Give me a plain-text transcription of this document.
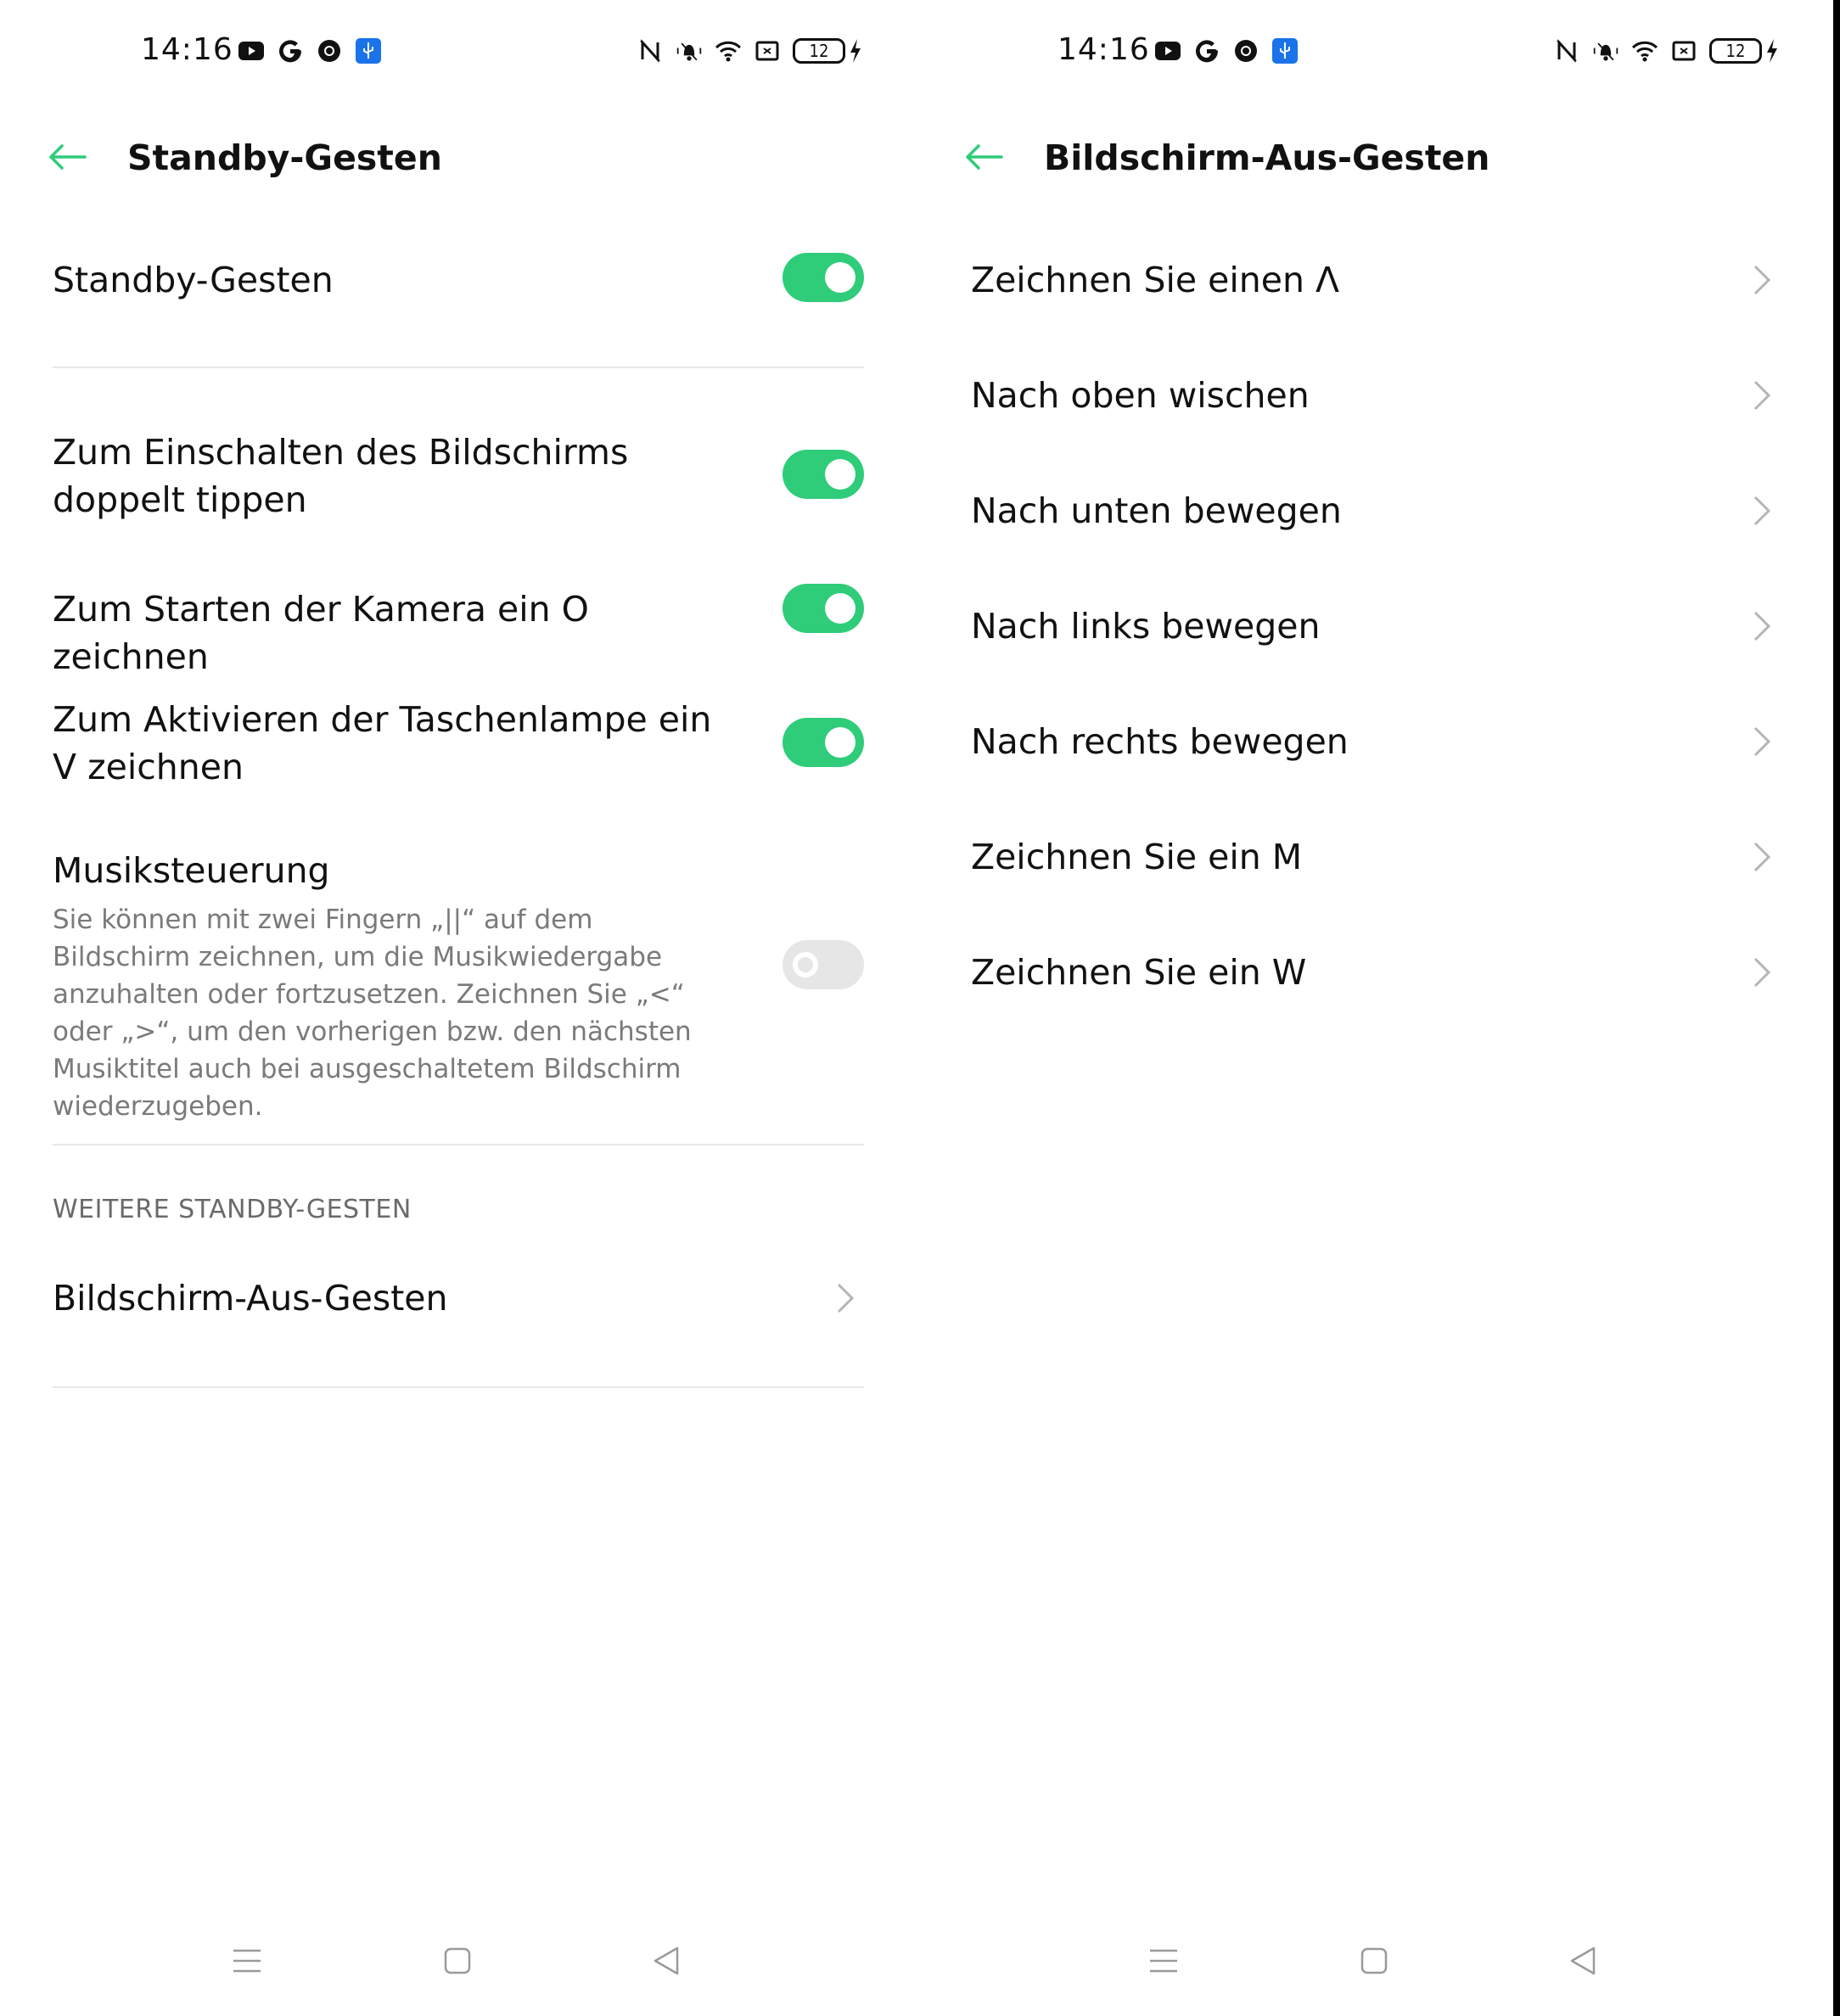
14:16	12
Standby-Gesten
Standby-Gesten
Zum Einschalten des Bildschirms doppelt tippen
Zum Starten der Kamera ein O zeichnen
Zum Aktivieren der Taschenlampe ein V zeichnen
Musiksteuerung
Sie können mit zwei Fingern „||“ auf dem Bildschirm zeichnen, um die Musikwiedergabe anzuhalten oder fortzusetzen. Zeichnen Sie „<“ oder „>“, um den vorherigen bzw. den nächsten Musiktitel auch bei ausgeschaltetem Bildschirm wiederzugeben.
WEITERE STANDBY-GESTEN
Bildschirm-Aus-Gesten
14:16	12
Bildschirm-Aus-Gesten
Zeichnen Sie einen Λ
Nach oben wischen
Nach unten bewegen
Nach links bewegen
Nach rechts bewegen
Zeichnen Sie ein M
Zeichnen Sie ein W
